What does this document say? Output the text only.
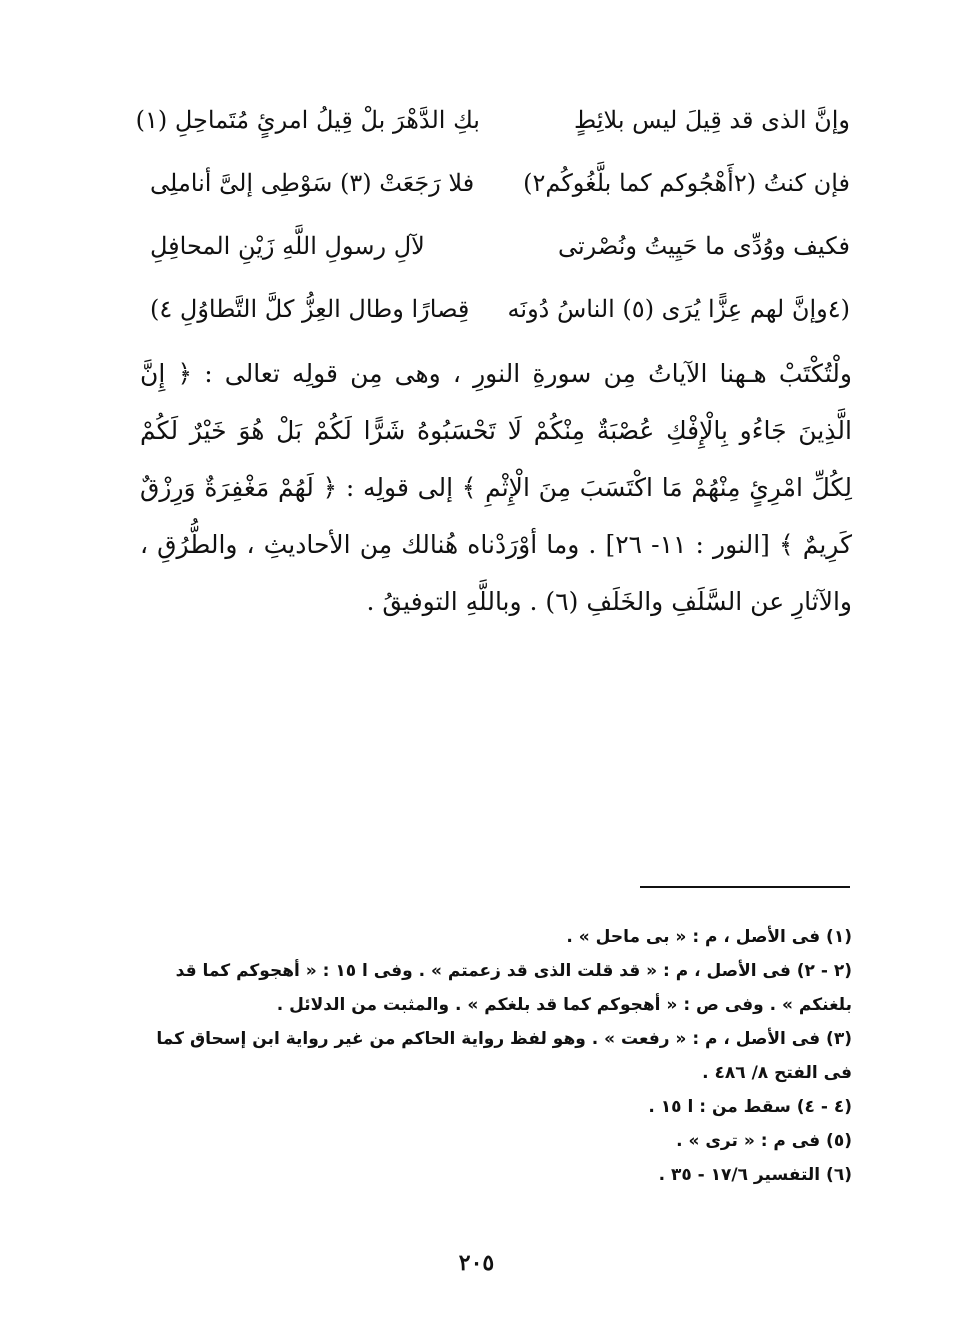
وإنَّ الذى قد قِيلَ ليس بلائِطٍ
بكِ الدَّهْرَ بلْ قِيلُ امرئٍ مُتَماحِلِ (١)
فإن كنتُ (٢أَهْجُوكم كما بلَّغُوكُم٢)
فلا رَجَعَتْ (٣) سَوْطِى إلىَّ أناملِى
فكيف ووُدِّى ما حَيِيتُ ونُصْرتى
لآلِ رسولِ اللَّهِ زَيْنِ المحافِلِ
(٤وإنَّ لهم عِزًّا يُرَى (٥) الناسُ دُونَه
قِصارًا وطال العِزُّ كلَّ التَّطاوُلِ ٤)

ولْتُكْتَبْ هـهنا الآياتُ مِن سورةِ النورِ ، وهى مِن قولِه تعالى : ﴿ إِنَّ الَّذِينَ جَاءُو بِالْإِفْكِ عُصْبَةٌ مِنْكُمْ لَا تَحْسَبُوهُ شَرًّا لَكُمْ بَلْ هُوَ خَيْرٌ لَكُمْ لِكُلِّ امْرِئٍ مِنْهُمْ مَا اكْتَسَبَ مِنَ الْإِثْمِ ﴾ إلى قولِه : ﴿ لَهُمْ مَغْفِرَةٌ وَرِزْقٌ كَرِيمٌ ﴾ [النور : ١١- ٢٦] . وما أوْرَدْناه هُنالك مِن الأحاديثِ ، والطُّرُقِ ، والآثارِ عن السَّلَفِ والخَلَفِ (٦) . وباللَّهِ التوفيقُ .

(١) فى الأصل ، م : « بى ماحل » .

(٢ - ٢) فى الأصل ، م : « قد قلت الذى قد زعمتم » . وفى ا ١٥ : « أهجوكم كما قد بلغنكم » . وفى ص : « أهجوكم كما قد بلغكم » . والمثبت من الدلائل .

(٣) فى الأصل ، م : « رفعت » . وهو لفظ رواية الحاكم من غير رواية ابن إسحاق كما فى الفتح ٨/ ٤٨٦ .

(٤ - ٤) سقط من : ا ١٥ .

(٥) فى م : « ترى » .

(٦) التفسير ١٧/٦ - ٣٥ .

٢٠٥
